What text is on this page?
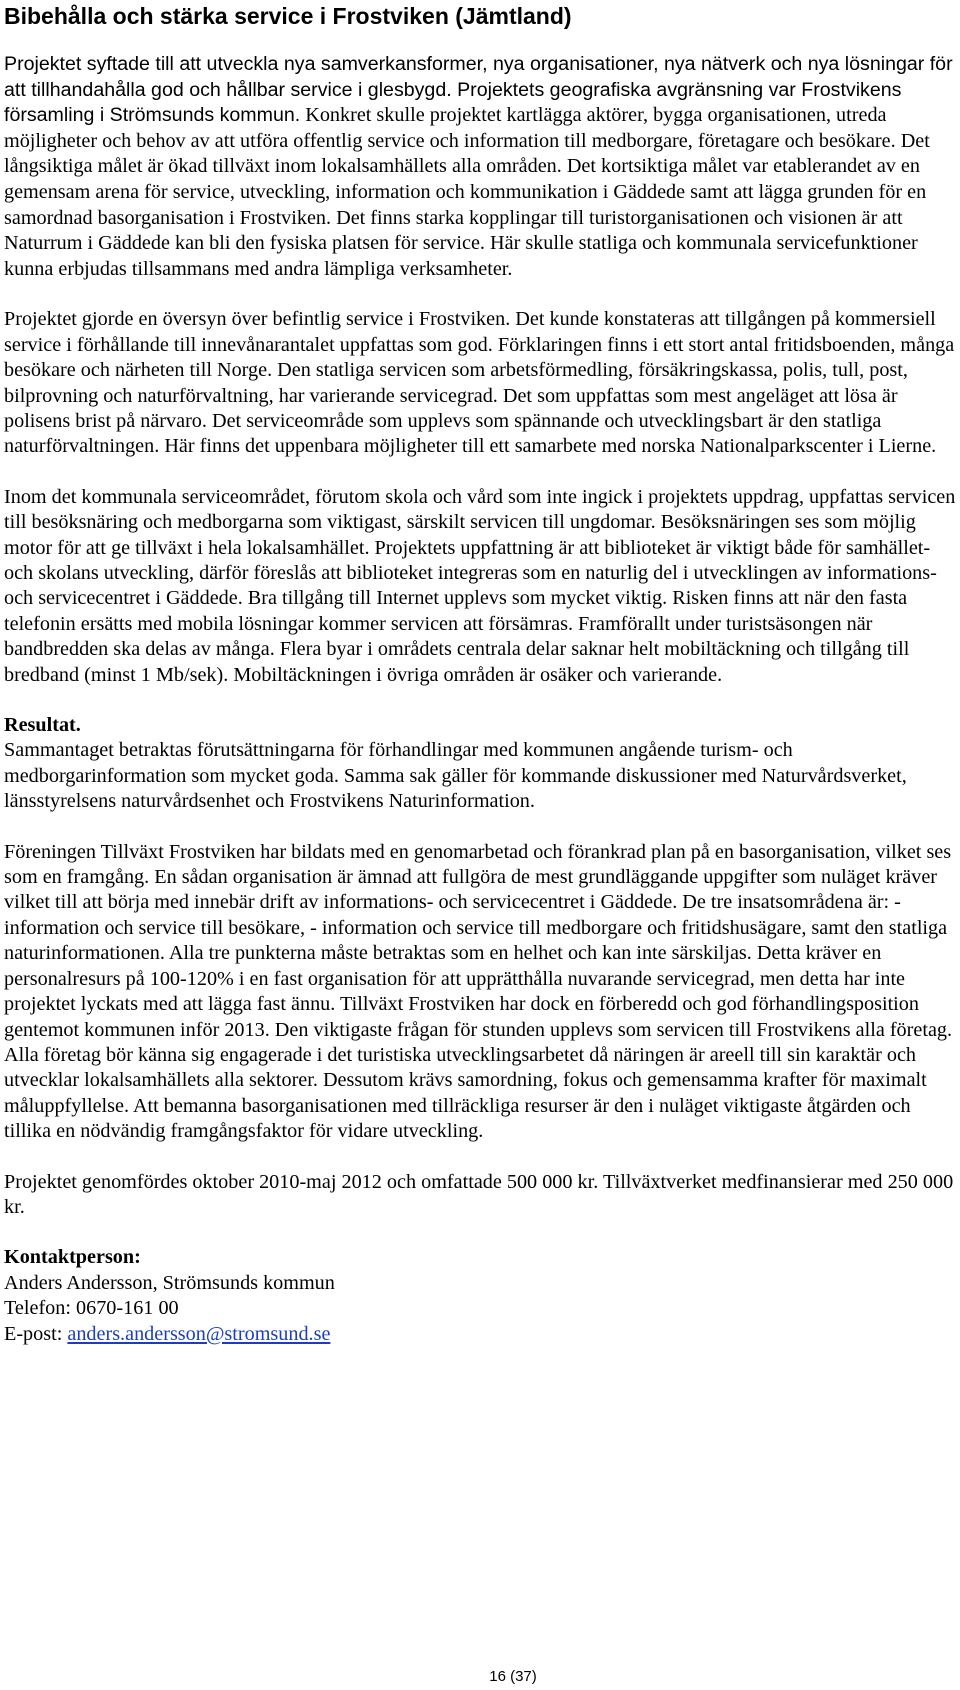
Bibehålla och stärka service i Frostviken (Jämtland)

Projektet syftade till att utveckla nya samverkansformer, nya organisationer, nya nätverk och nya lösningar för att tillhandahålla god och hållbar service i glesbygd. Projektets geografiska avgränsning var Frostvikens församling i Strömsunds kommun. Konkret skulle projektet kartlägga aktörer, bygga organisationen, utreda möjligheter och behov av att utföra offentlig service och information till medborgare, företagare och besökare. Det långsiktiga målet är ökad tillväxt inom lokalsamhällets alla områden. Det kortsiktiga målet var etablerandet av en gemensam arena för service, utveckling, information och kommunikation i Gäddede samt att lägga grunden för en samordnad basorganisation i Frostviken. Det finns starka kopplingar till turistorganisationen och visionen är att Naturrum i Gäddede kan bli den fysiska platsen för service. Här skulle statliga och kommunala servicefunktioner kunna erbjudas tillsammans med andra lämpliga verksamheter.

Projektet gjorde en översyn över befintlig service i Frostviken. Det kunde konstateras att tillgången på kommersiell service i förhållande till innevånarantalet uppfattas som god. Förklaringen finns i ett stort antal fritidsboenden, många besökare och närheten till Norge. Den statliga servicen som arbetsförmedling, försäkringskassa, polis, tull, post, bilprovning och naturförvaltning, har varierande servicegrad. Det som uppfattas som mest angeläget att lösa är polisens brist på närvaro. Det serviceområde som upplevs som spännande och utvecklingsbart är den statliga naturförvaltningen. Här finns det uppenbara möjligheter till ett samarbete med norska Nationalparkscenter i Lierne.

Inom det kommunala serviceområdet, förutom skola och vård som inte ingick i projektets uppdrag, uppfattas servicen till besöksnäring och medborgarna som viktigast, särskilt servicen till ungdomar. Besöksnäringen ses som möjlig motor för att ge tillväxt i hela lokalsamhället. Projektets uppfattning är att biblioteket är viktigt både för samhället-och skolans utveckling, därför föreslås att biblioteket integreras som en naturlig del i utvecklingen av informations- och servicecentret i Gäddede. Bra tillgång till Internet upplevs som mycket viktig. Risken finns att när den fasta telefonin ersätts med mobila lösningar kommer servicen att försämras. Framförallt under turistsäsongen när bandbredden ska delas av många. Flera byar i områdets centrala delar saknar helt mobiltäckning och tillgång till bredband (minst 1 Mb/sek). Mobiltäckningen i övriga områden är osäker och varierande.

Resultat.

Sammantaget betraktas förutsättningarna för förhandlingar med kommunen angående turism- och medborgarinformation som mycket goda. Samma sak gäller för kommande diskussioner med Naturvårdsverket, länsstyrelsens naturvårdsenhet och Frostvikens Naturinformation.

Föreningen Tillväxt Frostviken har bildats med en genomarbetad och förankrad plan på en basorganisation, vilket ses som en framgång. En sådan organisation är ämnad att fullgöra de mest grundläggande uppgifter som nuläget kräver vilket till att börja med innebär drift av informations- och servicecentret i Gäddede. De tre insatsområdena är: - information och service till besökare, - information och service till medborgare och fritidshusägare, samt den statliga naturinformationen. Alla tre punkterna måste betraktas som en helhet och kan inte särskiljas. Detta kräver en personalresurs på 100-120% i en fast organisation för att upprätthålla nuvarande servicegrad, men detta har inte projektet lyckats med att lägga fast ännu. Tillväxt Frostviken har dock en förberedd och god förhandlingsposition gentemot kommunen inför 2013. Den viktigaste frågan för stunden upplevs som servicen till Frostvikens alla företag. Alla företag bör känna sig engagerade i det turistiska utvecklingsarbetet då näringen är areell till sin karaktär och utvecklar lokalsamhällets alla sektorer. Dessutom krävs samordning, fokus och gemensamma krafter för maximalt måluppfyllelse. Att bemanna basorganisationen med tillräckliga resurser är den i nuläget viktigaste åtgärden och tillika en nödvändig framgångsfaktor för vidare utveckling.

Projektet genomfördes oktober 2010-maj 2012 och omfattade 500 000 kr. Tillväxtverket medfinansierar med 250 000 kr.

Kontaktperson:

Anders Andersson, Strömsunds kommun

Telefon: 0670-161 00

E-post: anders.andersson@stromsund.se

16 (37)
